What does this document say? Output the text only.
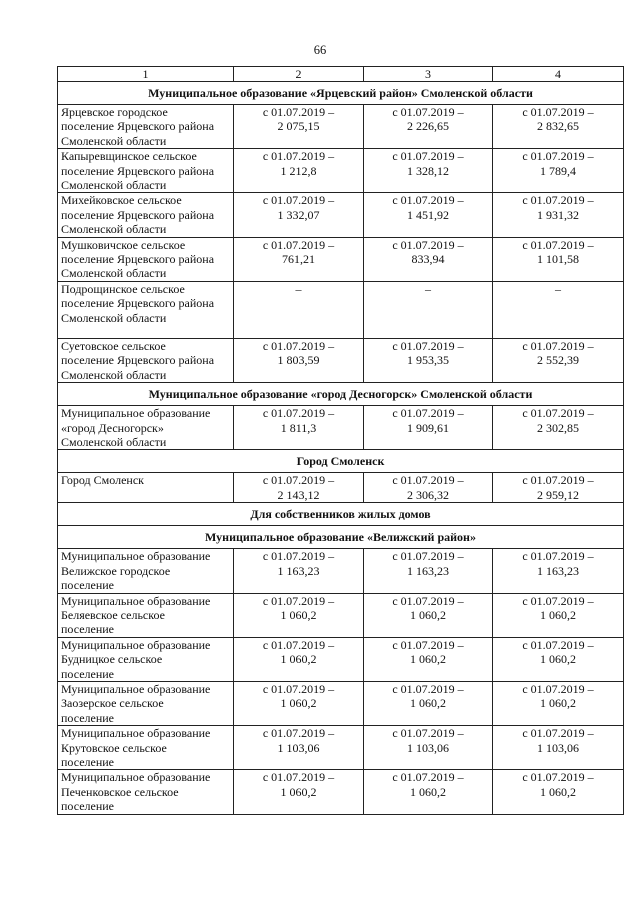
66
1	2	3	4
Муниципальное образование «Ярцевский район» Смоленской области			

Ярцевское городское
поселение Ярцевского района
Смоленской области	с 01.07.2019 –
2 075,15	с 01.07.2019 –
2 226,65	с 01.07.2019 –
2 832,65

Капыревщинское сельское
поселение Ярцевского района
Смоленской области	с 01.07.2019 –
1 212,8	с 01.07.2019 –
1 328,12	с 01.07.2019 –
1 789,4

Михейковское сельское
поселение Ярцевского района
Смоленской области	с 01.07.2019 –
1 332,07	с 01.07.2019 –
1 451,92	с 01.07.2019 –
1 931,32

Мушковичское сельское
поселение Ярцевского района
Смоленской области	с 01.07.2019 –
761,21	с 01.07.2019 –
833,94	с 01.07.2019 –
1 101,58

Подрощинское сельское
поселение Ярцевского района
Смоленской области	–	–	–

Суетовское сельское
поселение Ярцевского района
Смоленской области	с 01.07.2019 –
1 803,59	с 01.07.2019 –
1 953,35	с 01.07.2019 –
2 552,39

Муниципальное образование «город Десногорск» Смоленской области			

Муниципальное образование
«город Десногорск»
Смоленской области	с 01.07.2019 –
1 811,3	с 01.07.2019 –
1 909,61	с 01.07.2019 –
2 302,85

Город Смоленск			

Город Смоленск	с 01.07.2019 –
2 143,12	с 01.07.2019 –
2 306,32	с 01.07.2019 –
2 959,12

Для собственников жилых домов			
Муниципальное образование «Велижский район»			

Муниципальное образование
Велижское городское
поселение	с 01.07.2019 –
1 163,23	с 01.07.2019 –
1 163,23	с 01.07.2019 –
1 163,23

Муниципальное образование
Беляевское сельское
поселение	с 01.07.2019 –
1 060,2	с 01.07.2019 –
1 060,2	с 01.07.2019 –
1 060,2

Муниципальное образование
Будницкое сельское
поселение	с 01.07.2019 –
1 060,2	с 01.07.2019 –
1 060,2	с 01.07.2019 –
1 060,2

Муниципальное образование
Заозерское сельское
поселение	с 01.07.2019 –
1 060,2	с 01.07.2019 –
1 060,2	с 01.07.2019 –
1 060,2

Муниципальное образование
Крутовское сельское
поселение	с 01.07.2019 –
1 103,06	с 01.07.2019 –
1 103,06	с 01.07.2019 –
1 103,06

Муниципальное образование
Печенковское сельское
поселение	с 01.07.2019 –
1 060,2	с 01.07.2019 –
1 060,2	с 01.07.2019 –
1 060,2
